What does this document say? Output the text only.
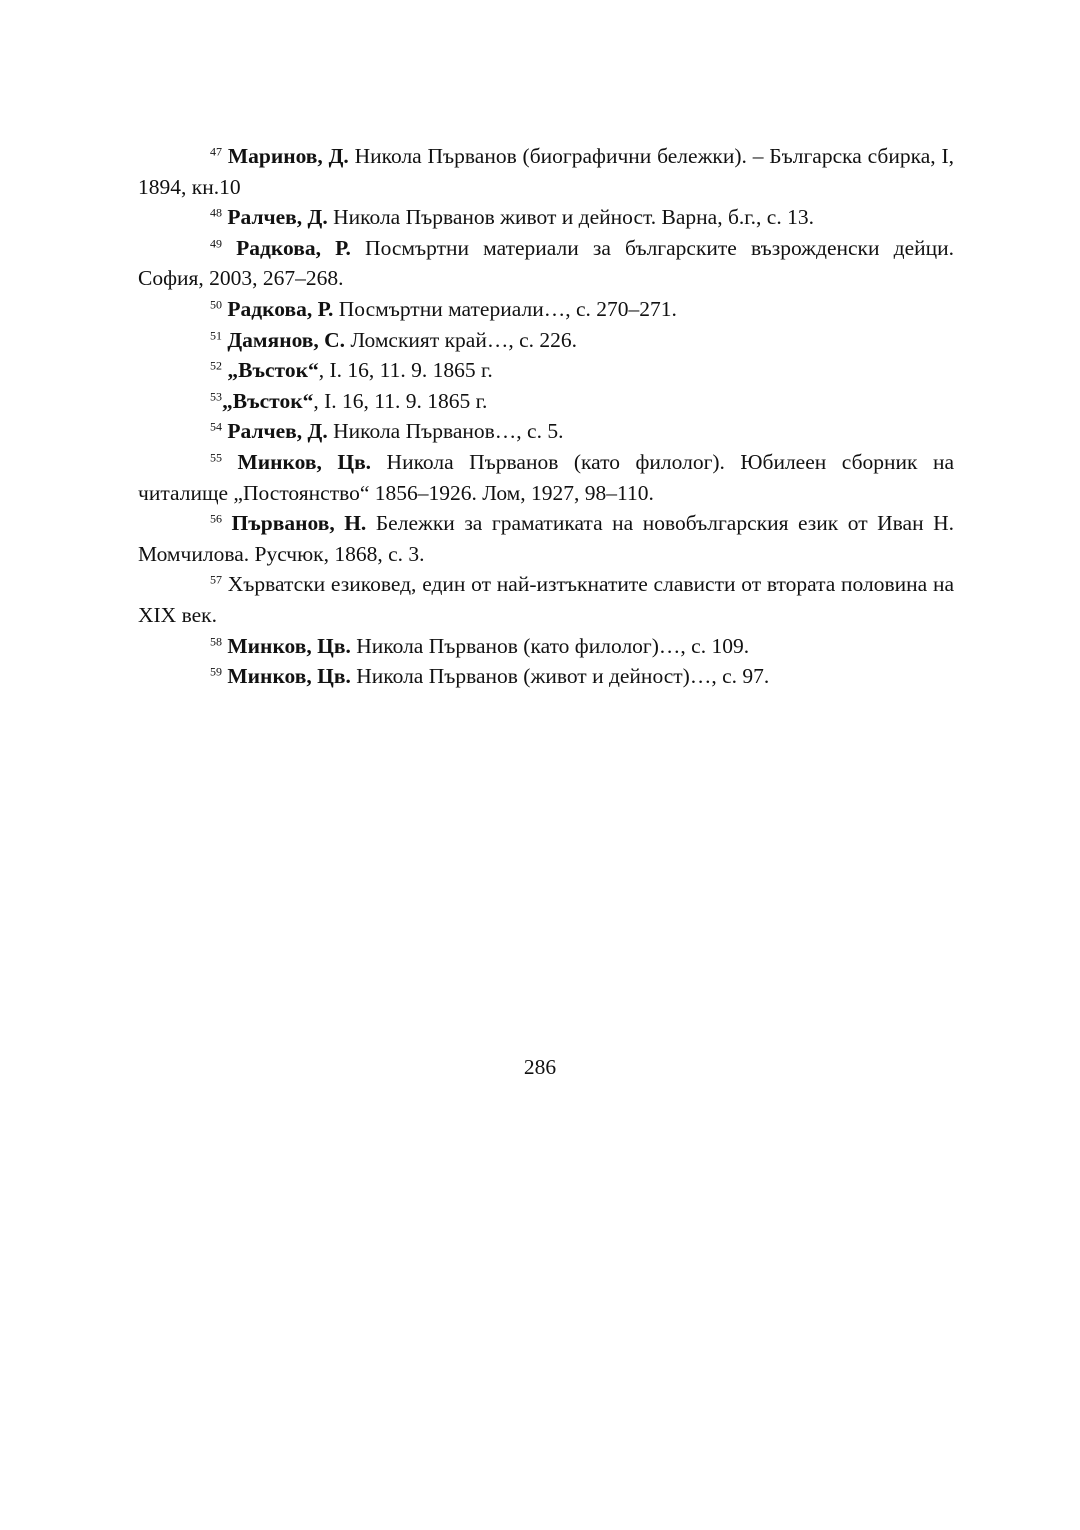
$^{47}$ Маринов, Д. Никола Първанов (биографични бележки). – Българска сбирка, I, 1894, кн.10

$^{48}$ Ралчев, Д. Никола Първанов живот и дейност. Варна, б.г., с. 13.

$^{49}$ Радкова, Р. Посмъртни материали за българските възрожденски дейци. София, 2003, 267–268.

$^{50}$ Радкова, Р. Посмъртни материали…, с. 270–271.

$^{51}$ Дамянов, С. Ломският край…, с. 226.

$^{52}$ „Въсток“, I. 16, 11. 9. 1865 г.

$^{53}$„Въсток“, I. 16, 11. 9. 1865 г.

$^{54}$ Ралчев, Д. Никола Първанов…, с. 5.

$^{55}$ Минков, Цв. Никола Първанов (като филолог). Юбилеен сборник на читалище „Постоянство“ 1856–1926. Лом, 1927, 98–110.

$^{56}$ Първанов, Н. Бележки за граматиката на новобългарския език от Иван Н. Момчилова. Русчюк, 1868, с. 3.

$^{57}$ Хърватски езиковед, един от най-изтъкнатите слависти от втората половина на XIX век.

$^{58}$ Минков, Цв. Никола Първанов (като филолог)…, с. 109.

$^{59}$ Минков, Цв. Никола Първанов (живот и дейност)…, с. 97.

286
